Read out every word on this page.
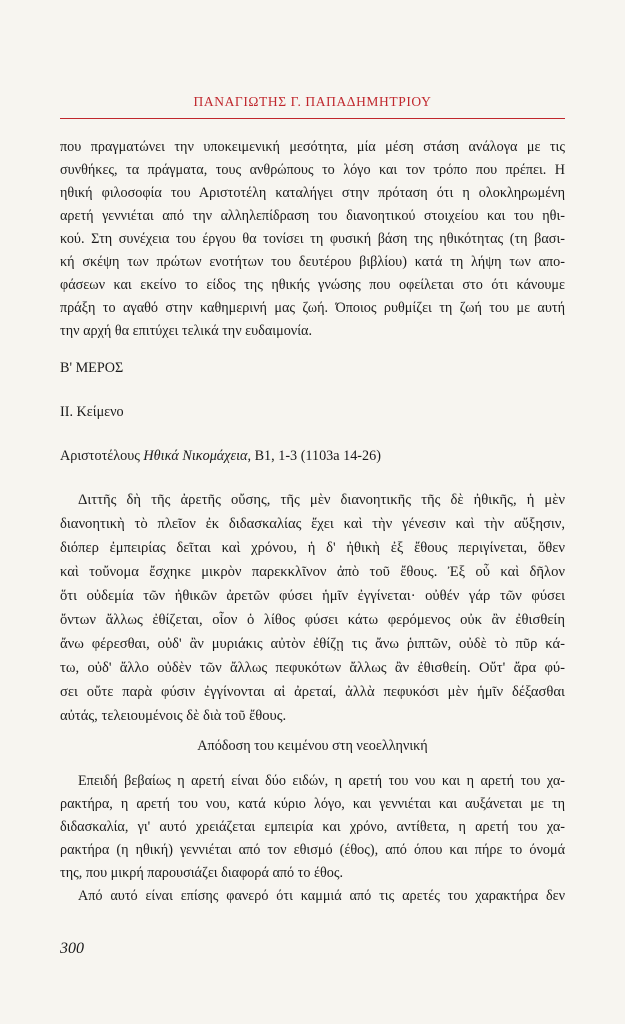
ΠΑΝΑΓΙΩΤΗΣ Γ. ΠΑΠΑΔΗΜΗΤΡΙΟΥ
που πραγματώνει την υποκειμενική μεσότητα, μία μέση στάση ανάλογα με τις
συνθήκες, τα πράγματα, τους ανθρώπους το λόγο και τον τρόπο που πρέπει. Η
ηθική φιλοσοφία του Αριστοτέλη καταλήγει στην πρόταση ότι η ολοκληρωμένη
αρετή γεννιέται από την αλληλεπίδραση του διανοητικού στοιχείου και του ηθι-
κού. Στη συνέχεια του έργου θα τονίσει τη φυσική βάση της ηθικότητας (τη βασι-
κή σκέψη των πρώτων ενοτήτων του δευτέρου βιβλίου) κατά τη λήψη των απο-
φάσεων και εκείνο το είδος της ηθικής γνώσης που οφείλεται στο ότι κάνουμε
πράξη το αγαθό στην καθημερινή μας ζωή. Όποιος ρυθμίζει τη ζωή του με αυτή
την αρχή θα επιτύχει τελικά την ευδαιμονία.
Β' ΜΕΡΟΣ
ΙΙ. Κείμενο
Αριστοτέλους Ηθικά Νικομάχεια, Β1, 1-3 (1103a 14-26)
Διττῆς δὴ τῆς ἀρετῆς οὔσης, τῆς μὲν διανοητικῆς τῆς δὲ ἠθικῆς, ἡ μὲν
διανοητικὴ τὸ πλεῖον ἐκ διδασκαλίας ἔχει καὶ τὴν γένεσιν καὶ τὴν αὔξησιν,
διόπερ ἐμπειρίας δεῖται καὶ χρόνου, ἡ δ' ἠθικὴ ἐξ ἔθους περιγίνεται, ὅθεν
καὶ τοὔνομα ἔσχηκε μικρὸν παρεκκλῖνον ἀπὸ τοῦ ἔθους. Ἐξ οὗ καὶ δῆλον
ὅτι οὐδεμία τῶν ἠθικῶν ἀρετῶν φύσει ἡμῖν ἐγγίνεται· οὐθέν γάρ τῶν φύσει
ὄντων ἄλλως ἐθίζεται, οἷον ὁ λίθος φύσει κάτω φερόμενος οὐκ ἂν ἐθισθείη
ἄνω φέρεσθαι, οὐδ' ἂν μυριάκις αὐτὸν ἐθίζῃ τις ἄνω ῥιπτῶν, οὐδὲ τὸ πῦρ κά-
τω, οὐδ' ἄλλο οὐδὲν τῶν ἄλλως πεφυκότων ἄλλως ἂν ἐθισθείη. Οὔτ' ἄρα φύ-
σει οὔτε παρὰ φύσιν ἐγγίνονται αἱ ἀρεταί, ἀλλὰ πεφυκόσι μὲν ἡμῖν δέξασθαι
αὐτάς, τελειουμένοις δὲ διὰ τοῦ ἔθους.
Απόδοση του κειμένου στη νεοελληνική
Επειδή βεβαίως η αρετή είναι δύο ειδών, η αρετή του νου και η αρετή του χα-
ρακτήρα, η αρετή του νου, κατά κύριο λόγο, και γεννιέται και αυξάνεται με τη
διδασκαλία, γι' αυτό χρειάζεται εμπειρία και χρόνο, αντίθετα, η αρετή του χα-
ρακτήρα (η ηθική) γεννιέται από τον εθισμό (έθος), από όπου και πήρε το όνομά
της, που μικρή παρουσιάζει διαφορά από το έθος.
Από αυτό είναι επίσης φανερό ότι καμμιά από τις αρετές του χαρακτήρα δεν
300
